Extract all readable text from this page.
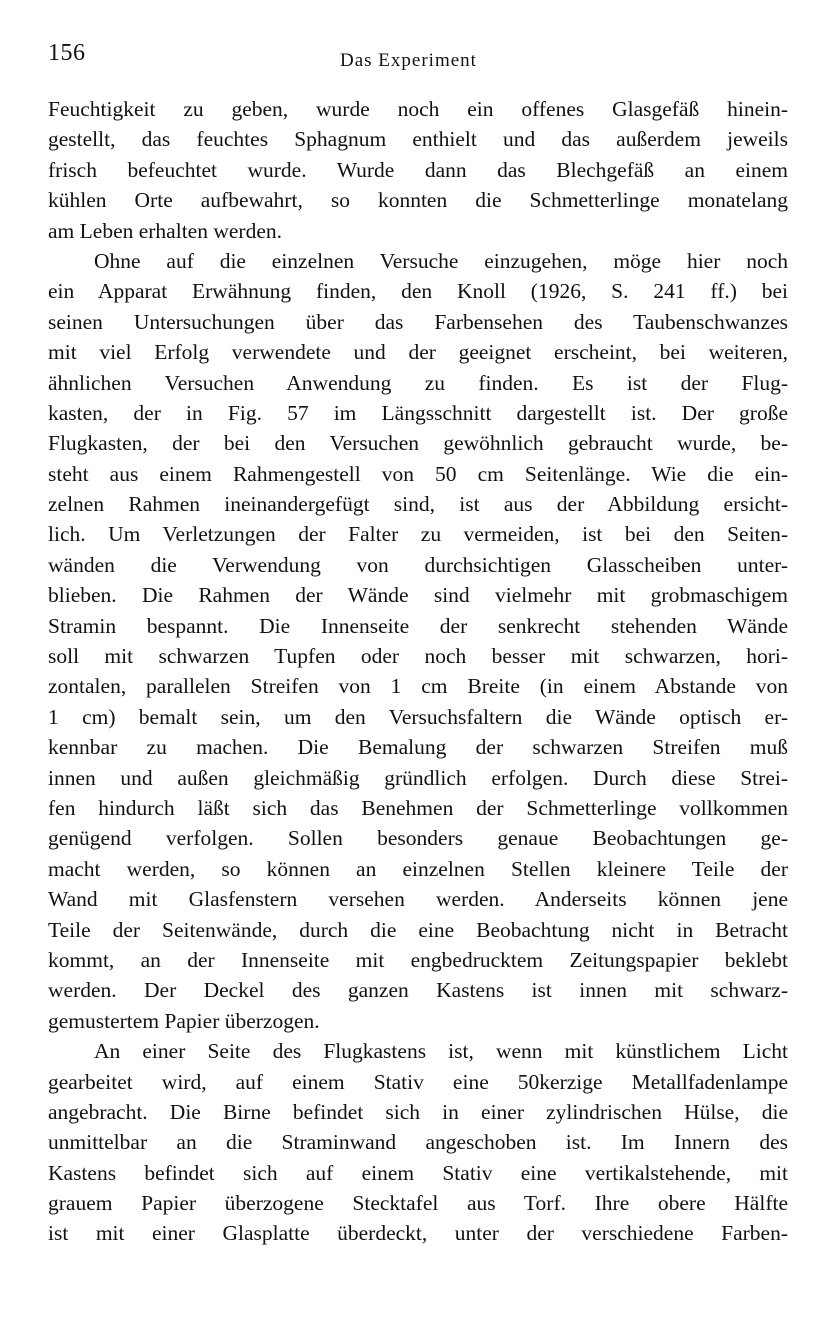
156	Das Experiment
Feuchtigkeit zu geben, wurde noch ein offenes Glasgefäß hinein-
gestellt, das feuchtes Sphagnum enthielt und das außerdem jeweils
frisch befeuchtet wurde. Wurde dann das Blechgefäß an einem
kühlen Orte aufbewahrt, so konnten die Schmetterlinge monatelang
am Leben erhalten werden.
Ohne auf die einzelnen Versuche einzugehen, möge hier noch
ein Apparat Erwähnung finden, den Knoll (1926, S. 241 ff.) bei
seinen Untersuchungen über das Farbensehen des Taubenschwanzes
mit viel Erfolg verwendete und der geeignet erscheint, bei weiteren,
ähnlichen Versuchen Anwendung zu finden. Es ist der Flug-
kasten, der in Fig. 57 im Längsschnitt dargestellt ist. Der große
Flugkasten, der bei den Versuchen gewöhnlich gebraucht wurde, be-
steht aus einem Rahmengestell von 50 cm Seitenlänge. Wie die ein-
zelnen Rahmen ineinandergefügt sind, ist aus der Abbildung ersicht-
lich. Um Verletzungen der Falter zu vermeiden, ist bei den Seiten-
wänden die Verwendung von durchsichtigen Glasscheiben unter-
blieben. Die Rahmen der Wände sind vielmehr mit grobmaschigem
Stramin bespannt. Die Innenseite der senkrecht stehenden Wände
soll mit schwarzen Tupfen oder noch besser mit schwarzen, hori-
zontalen, parallelen Streifen von 1 cm Breite (in einem Abstande von
1 cm) bemalt sein, um den Versuchsfaltern die Wände optisch er-
kennbar zu machen. Die Bemalung der schwarzen Streifen muß
innen und außen gleichmäßig gründlich erfolgen. Durch diese Strei-
fen hindurch läßt sich das Benehmen der Schmetterlinge vollkommen
genügend verfolgen. Sollen besonders genaue Beobachtungen ge-
macht werden, so können an einzelnen Stellen kleinere Teile der
Wand mit Glasfenstern versehen werden. Anderseits können jene
Teile der Seitenwände, durch die eine Beobachtung nicht in Betracht
kommt, an der Innenseite mit engbedrucktem Zeitungspapier beklebt
werden. Der Deckel des ganzen Kastens ist innen mit schwarz-
gemustertem Papier überzogen.
An einer Seite des Flugkastens ist, wenn mit künstlichem Licht
gearbeitet wird, auf einem Stativ eine 50kerzige Metallfadenlampe
angebracht. Die Birne befindet sich in einer zylindrischen Hülse, die
unmittelbar an die Straminwand angeschoben ist. Im Innern des
Kastens befindet sich auf einem Stativ eine vertikalstehende, mit
grauem Papier überzogene Stecktafel aus Torf. Ihre obere Hälfte
ist mit einer Glasplatte überdeckt, unter der verschiedene Farben-
